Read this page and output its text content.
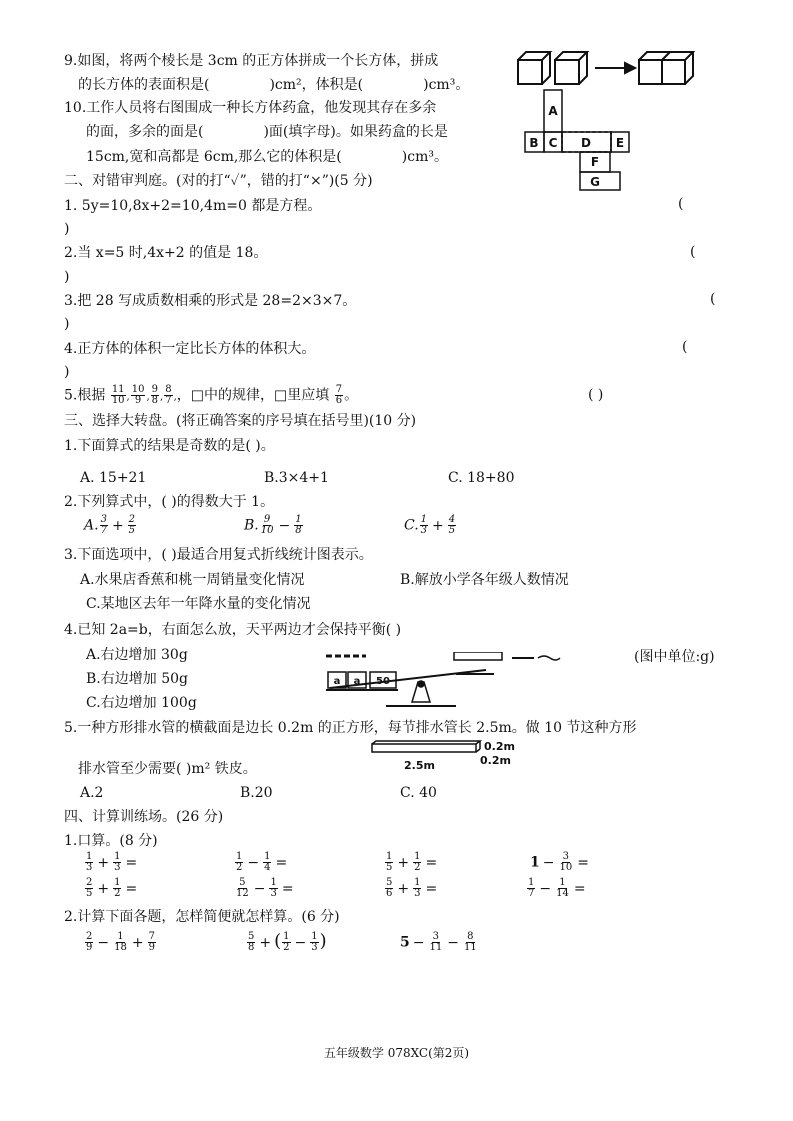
9.如图，将两个棱长是 3cm 的正方体拼成一个长方体，拼成
的长方体的表面积是(	)cm²，体积是(	)cm³。
10.工作人员将右图围成一种长方体药盒，他发现其存在多余
的面，多余的面是(	)面(填字母)。如果药盒的长是
15cm,宽和高都是 6cm,那么它的体积是(	)cm³。
A
B C D E
F
G
二、对错审判庭。(对的打“✓”，错的打“×”)(5 分)
1. 5y=10,8x+2=10,4m=0 都是方程。	(
)
2.当 x=5 时,4x+2 的值是 18。	(
)
3.把 28 写成质数相乘的形式是 28=2×3×7。	(
)
4.正方体的体积一定比长方体的体积大。	(
)
5.根据 $\frac{11}{10}$ , $\frac{10}{9}$ , $\frac{9}{8}$ , $\frac{8}{7}$ ,，□中的规律，□里应填 $\frac{7}{6}$ 。	( )
三、选择大转盘。(将正确答案的序号填在括号里)(10 分)
1.下面算式的结果是奇数的是( )。
A. 15+21	B.3×4+1	C. 18+80
2.下列算式中，( )的得数大于 1。
A. $\frac{3}{7} + \frac{2}{5}$	B. $\frac{9}{10} - \frac{1}{8}$	C. $\frac{1}{3} + \frac{4}{5}$
3.下面选项中，( )最适合用复式折线统计图表示。
A.水果店香蕉和桃一周销量变化情况	B.解放小学各年级人数情况
C.某地区去年一年降水量的变化情况
4.已知 2a=b，右面怎么放，天平两边才会保持平衡( )
A.右边增加 30g
B.右边增加 50g
C.右边增加 100g
(图中单位:g)
a a 50
5.一种方形排水管的横截面是边长 0.2m 的正方形，每节排水管长 2.5m。做 10 节这种方形
排水管至少需要( )m² 铁皮。
0.2m
0.2m
2.5m
A.2	B.20	C. 40
四、计算训练场。(26 分)
1.口算。(8 分)
$\frac{1}{3} + \frac{1}{3}$ =	$\frac{1}{2} - \frac{1}{4}$ =	$\frac{1}{5} + \frac{1}{2}$ =	$1 - \frac{3}{10}$ =
$\frac{2}{5} + \frac{1}{2}$ =	$\frac{5}{12} - \frac{1}{3}$ =	$\frac{5}{6} + \frac{1}{3}$ =	$\frac{1}{7} - \frac{1}{14}$ =
2.计算下面各题，怎样简便就怎样算。(6 分)
$\frac{2}{9} - \frac{1}{18} + \frac{7}{9}$	$\frac{5}{8}$ + ( $\frac{1}{2} - \frac{1}{3}$ )	$5 - \frac{3}{11} - \frac{8}{11}$
五年级数学 078XC(第2页)
